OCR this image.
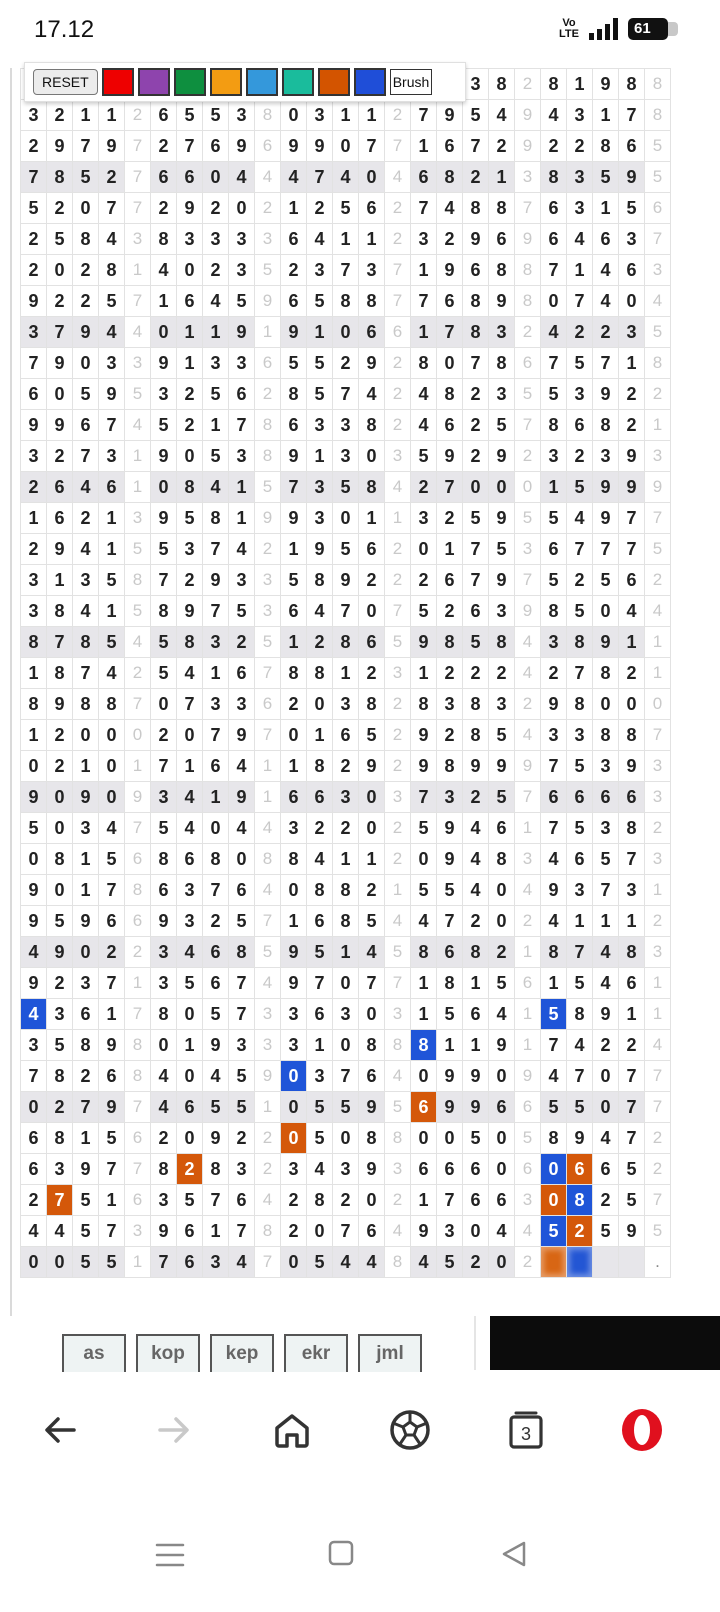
17.12	Vo
LTE	61
																	3	8	2	8	1	9	8	8
3	2	1	1	2	6	5	5	3	8	0	3	1	1	2	7	9	5	4	9	4	3	1	7	8
2	9	7	9	7	2	7	6	9	6	9	9	0	7	7	1	6	7	2	9	2	2	8	6	5
7	8	5	2	7	6	6	0	4	4	4	7	4	0	4	6	8	2	1	3	8	3	5	9	5
5	2	0	7	7	2	9	2	0	2	1	2	5	6	2	7	4	8	8	7	6	3	1	5	6
2	5	8	4	3	8	3	3	3	3	6	4	1	1	2	3	2	9	6	9	6	4	6	3	7
2	0	2	8	1	4	0	2	3	5	2	3	7	3	7	1	9	6	8	8	7	1	4	6	3
9	2	2	5	7	1	6	4	5	9	6	5	8	8	7	7	6	8	9	8	0	7	4	0	4
3	7	9	4	4	0	1	1	9	1	9	1	0	6	6	1	7	8	3	2	4	2	2	3	5
7	9	0	3	3	9	1	3	3	6	5	5	2	9	2	8	0	7	8	6	7	5	7	1	8
6	0	5	9	5	3	2	5	6	2	8	5	7	4	2	4	8	2	3	5	5	3	9	2	2
9	9	6	7	4	5	2	1	7	8	6	3	3	8	2	4	6	2	5	7	8	6	8	2	1
3	2	7	3	1	9	0	5	3	8	9	1	3	0	3	5	9	2	9	2	3	2	3	9	3
2	6	4	6	1	0	8	4	1	5	7	3	5	8	4	2	7	0	0	0	1	5	9	9	9
1	6	2	1	3	9	5	8	1	9	9	3	0	1	1	3	2	5	9	5	5	4	9	7	7
2	9	4	1	5	5	3	7	4	2	1	9	5	6	2	0	1	7	5	3	6	7	7	7	5
3	1	3	5	8	7	2	9	3	3	5	8	9	2	2	2	6	7	9	7	5	2	5	6	2
3	8	4	1	5	8	9	7	5	3	6	4	7	0	7	5	2	6	3	9	8	5	0	4	4
8	7	8	5	4	5	8	3	2	5	1	2	8	6	5	9	8	5	8	4	3	8	9	1	1
1	8	7	4	2	5	4	1	6	7	8	8	1	2	3	1	2	2	2	4	2	7	8	2	1
8	9	8	8	7	0	7	3	3	6	2	0	3	8	2	8	3	8	3	2	9	8	0	0	0
1	2	0	0	0	2	0	7	9	7	0	1	6	5	2	9	2	8	5	4	3	3	8	8	7
0	2	1	0	1	7	1	6	4	1	1	8	2	9	2	9	8	9	9	9	7	5	3	9	3
9	0	9	0	9	3	4	1	9	1	6	6	3	0	3	7	3	2	5	7	6	6	6	6	3
5	0	3	4	7	5	4	0	4	4	3	2	2	0	2	5	9	4	6	1	7	5	3	8	2
0	8	1	5	6	8	6	8	0	8	8	4	1	1	2	0	9	4	8	3	4	6	5	7	3
9	0	1	7	8	6	3	7	6	4	0	8	8	2	1	5	5	4	0	4	9	3	7	3	1
9	5	9	6	6	9	3	2	5	7	1	6	8	5	4	4	7	2	0	2	4	1	1	1	2
4	9	0	2	2	3	4	6	8	5	9	5	1	4	5	8	6	8	2	1	8	7	4	8	3
9	2	3	7	1	3	5	6	7	4	9	7	0	7	7	1	8	1	5	6	1	5	4	6	1
4	3	6	1	7	8	0	5	7	3	3	6	3	0	3	1	5	6	4	1	5	8	9	1	1
3	5	8	9	8	0	1	9	3	3	3	1	0	8	8	8	1	1	9	1	7	4	2	2	4
7	8	2	6	8	4	0	4	5	9	0	3	7	6	4	0	9	9	0	9	4	7	0	7	7
0	2	7	9	7	4	6	5	5	1	0	5	5	9	5	6	9	9	6	6	5	5	0	7	7
6	8	1	5	6	2	0	9	2	2	0	5	0	8	8	0	0	5	0	5	8	9	4	7	2
6	3	9	7	7	8	2	8	3	2	3	4	3	9	3	6	6	6	0	6	0	6	6	5	2
2	7	5	1	6	3	5	7	6	4	2	8	2	0	2	1	7	6	6	3	0	8	2	5	7
4	4	5	7	3	9	6	1	7	8	2	0	7	6	4	9	3	0	4	4	5	2	5	9	5
0	0	5	5	1	7	6	3	4	7	0	5	4	4	8	4	5	2	0	2					.
RESET	Brush
as	kop	kep	ekr	jml
3
